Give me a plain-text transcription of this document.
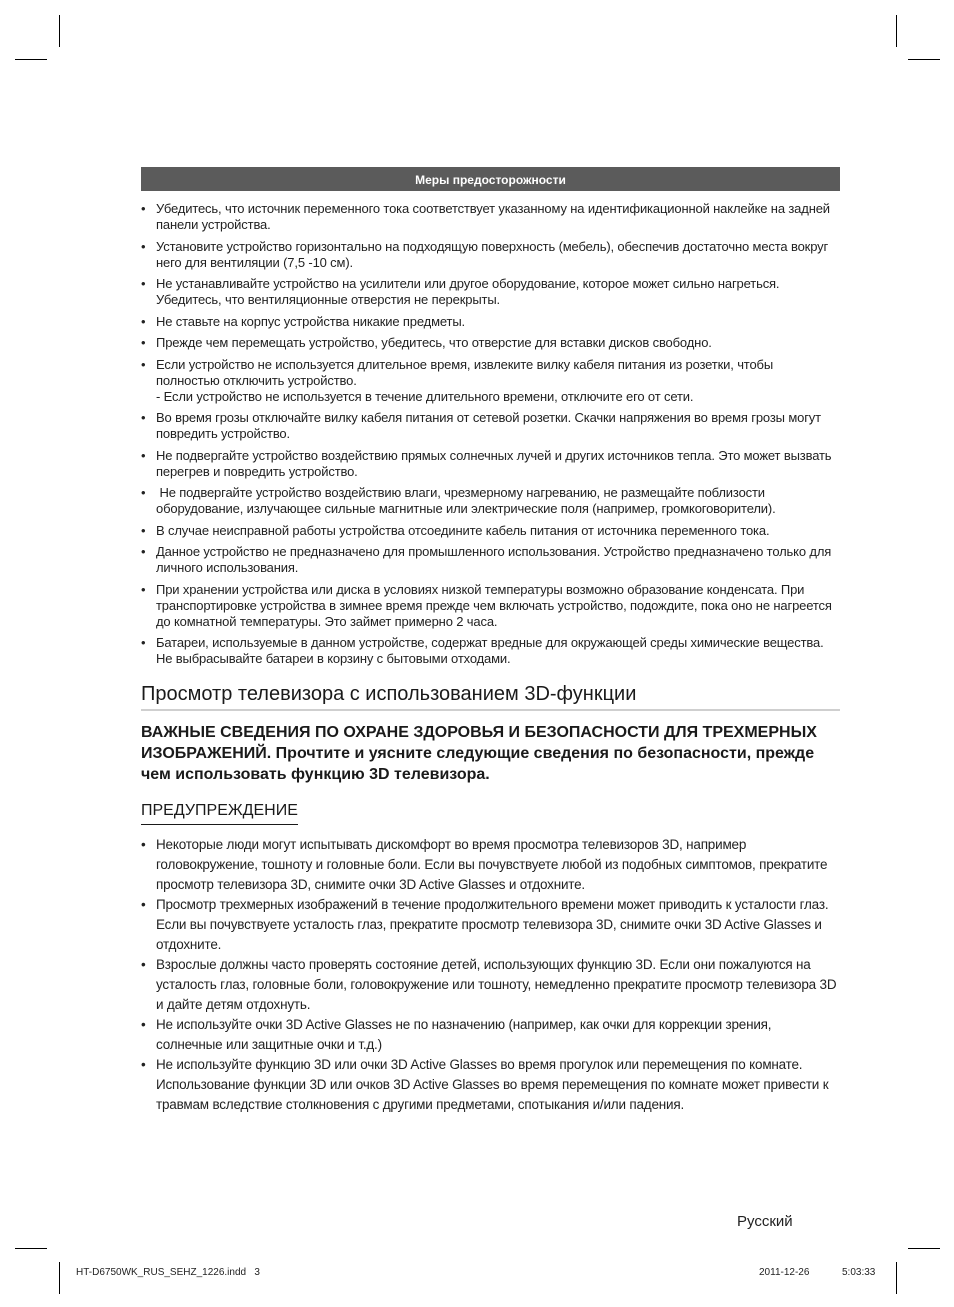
Меры предосторожности
• Убедитесь, что источник переменного тока соответствует указанному на идентификационной наклейке на задней панели устройства.
• Установите устройство горизонтально на подходящую поверхность (мебель), обеспечив достаточно места вокруг него для вентиляции (7,5 -10 см).
• Не устанавливайте устройство на усилители или другое оборудование, которое может сильно нагреться. Убедитесь, что вентиляционные отверстия не перекрыты.
• Не ставьте на корпус устройства никакие предметы.
• Прежде чем перемещать устройство, убедитесь, что отверстие для вставки дисков свободно.
• Если устройство не используется длительное время, извлеките вилку кабеля питания из розетки, чтобы полностью отключить устройство.
- Если устройство не используется в течение длительного времени, отключите его от сети.
• Во время грозы отключайте вилку кабеля питания от сетевой розетки. Скачки напряжения во время грозы могут повредить устройство.
• Не подвергайте устройство воздействию прямых солнечных лучей и других источников тепла. Это может вызвать перегрев и повредить устройство.
• Не подвергайте устройство воздействию влаги, чрезмерному нагреванию, не размещайте поблизости оборудование, излучающее сильные магнитные или электрические поля (например, громкоговорители).
• В случае неисправной работы устройства отсоедините кабель питания от источника переменного тока.
• Данное устройство не предназначено для промышленного использования. Устройство предназначено только для личного использования.
• При хранении устройства или диска в условиях низкой температуры возможно образование конденсата. При транспортировке устройства в зимнее время прежде чем включать устройство, подождите, пока оно не нагреется до комнатной температуры. Это займет примерно 2 часа.
• Батареи, используемые в данном устройстве, содержат вредные для окружающей среды химические вещества. Не выбрасывайте батареи в корзину с бытовыми отходами.
Просмотр телевизора с использованием 3D-функции
ВАЖНЫЕ СВЕДЕНИЯ ПО ОХРАНЕ ЗДОРОВЬЯ И БЕЗОПАСНОСТИ ДЛЯ ТРЕХМЕРНЫХ ИЗОБРАЖЕНИЙ. Прочтите и уясните следующие сведения по безопасности, прежде чем использовать функцию 3D телевизора.
ПРЕДУПРЕЖДЕНИЕ
• Некоторые люди могут испытывать дискомфорт во время просмотра телевизоров 3D, например головокружение, тошноту и головные боли. Если вы почувствуете любой из подобных симптомов, прекратите просмотр телевизора 3D, снимите очки 3D Active Glasses и отдохните.
• Просмотр трехмерных изображений в течение продолжительного времени может приводить к усталости глаз. Если вы почувствуете усталость глаз, прекратите просмотр телевизора 3D, снимите очки 3D Active Glasses и отдохните.
• Взрослые должны часто проверять состояние детей, использующих функцию 3D. Если они пожалуются на усталость глаз, головные боли, головокружение или тошноту, немедленно прекратите просмотр телевизора 3D и дайте детям отдохнуть.
• Не используйте очки 3D Active Glasses не по назначению (например, как очки для коррекции зрения, солнечные или защитные очки и т.д.)
• Не используйте функцию 3D или очки 3D Active Glasses во время прогулок или перемещения по комнате. Использование функции 3D или очков 3D Active Glasses во время перемещения по комнате может привести к травмам вследствие столкновения с другими предметами, спотыкания и/или падения.
Русский
HT-D6750WK_RUS_SEHZ_1226.indd   3	2011-12-26	5:03:33
